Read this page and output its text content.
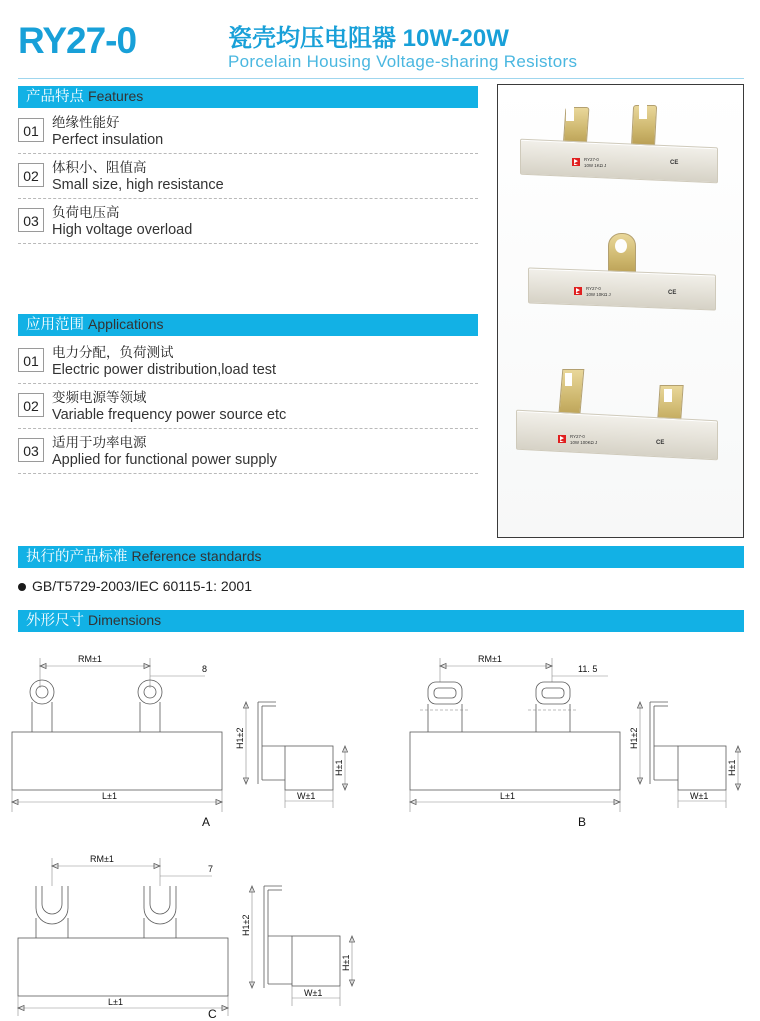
RY27-0	瓷壳均压电阻器 10W-20W
Porcelain Housing Voltage-sharing Resistors
产品特点 Features
01
绝缘性能好
Perfect insulation
02
体积小、阻值高
Small size, high resistance
03
负荷电压高
High voltage overload
应用范围 Applications
01
电力分配，负荷测试
Electric power distribution,load test
02
变频电源等领域
Variable frequency power source etc
03
适用于功率电源
Applied for functional power supply
RY27-0
10W 1KΩ J	CE
RY27-0
10W 10KΩ J	CE
RY27-0
10W 100KΩ J	CE
执行的产品标准 Reference standards
GB/T5729-2003/IEC 60115-1: 2001
外形尺寸 Dimensions
RM±1
8
L±1
A
H1±2
H±1
W±1
RM±1
11. 5
L±1
B
H1±2
H±1
W±1
RM±1
7
L±1
C
H1±2
H±1
W±1
